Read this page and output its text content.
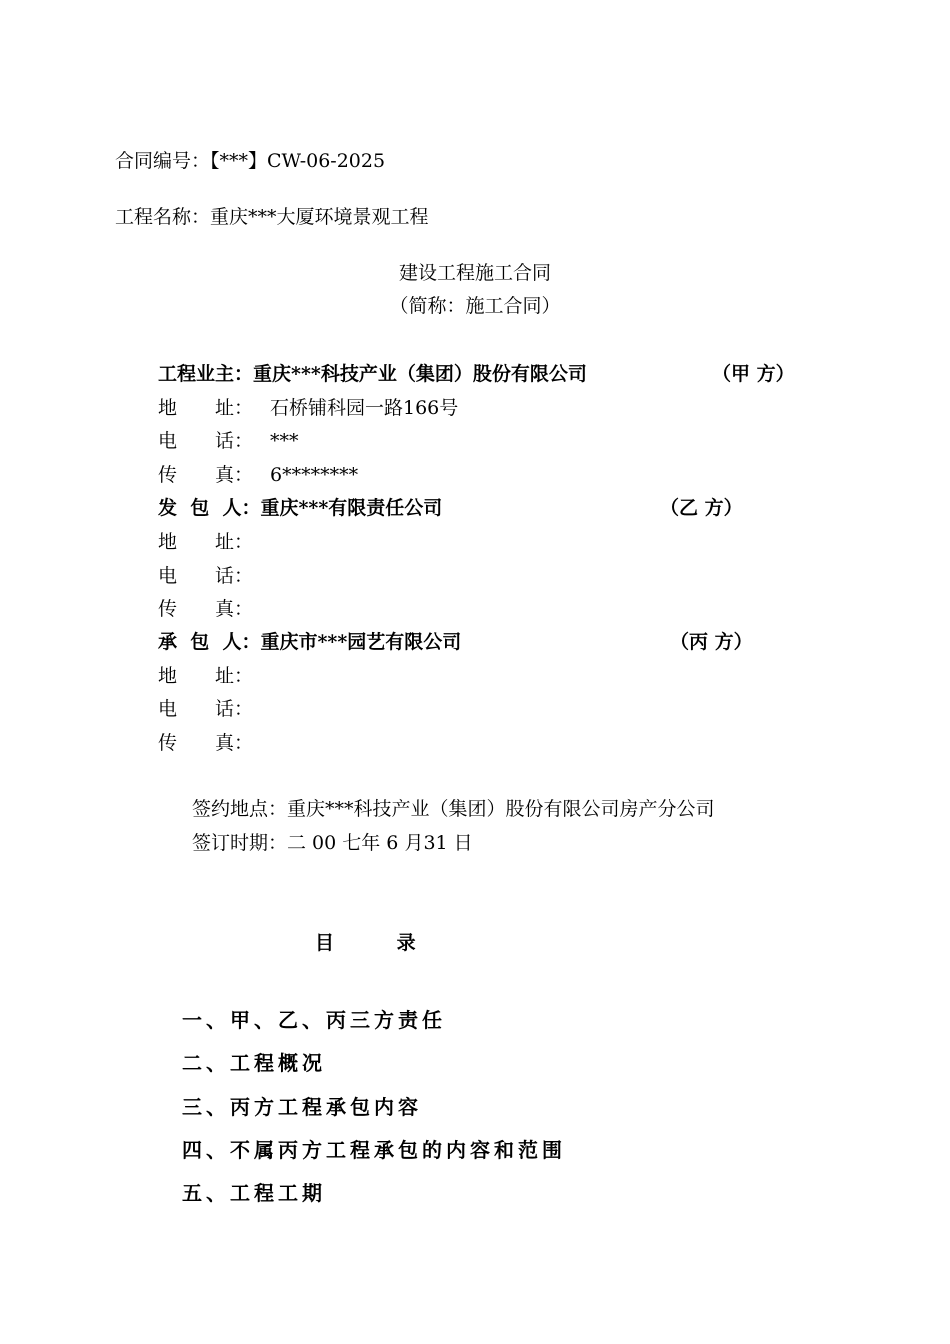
合同编号：【***】CW-06-2025
工程名称：重庆***大厦环境景观工程
建设工程施工合同
（简称：施工合同）
工程业主：重庆***科技产业（集团）股份有限公司	（甲 方）
地  址： 石桥铺科园一路166号
电  话： ***
传  真： 6********
发  包  人：重庆***有限责任公司	（乙 方）
地  址：
电  话：
传  真：
承  包  人：重庆市***园艺有限公司	（丙 方）
地  址：
电  话：
传  真：
签约地点：重庆***科技产业（集团）股份有限公司房产分公司
签订时期：二 00 七年 6 月31 日
目 录
一、甲、乙、丙三方责任
二、工程概况
三、丙方工程承包内容
四、不属丙方工程承包的内容和范围
五、工程工期
